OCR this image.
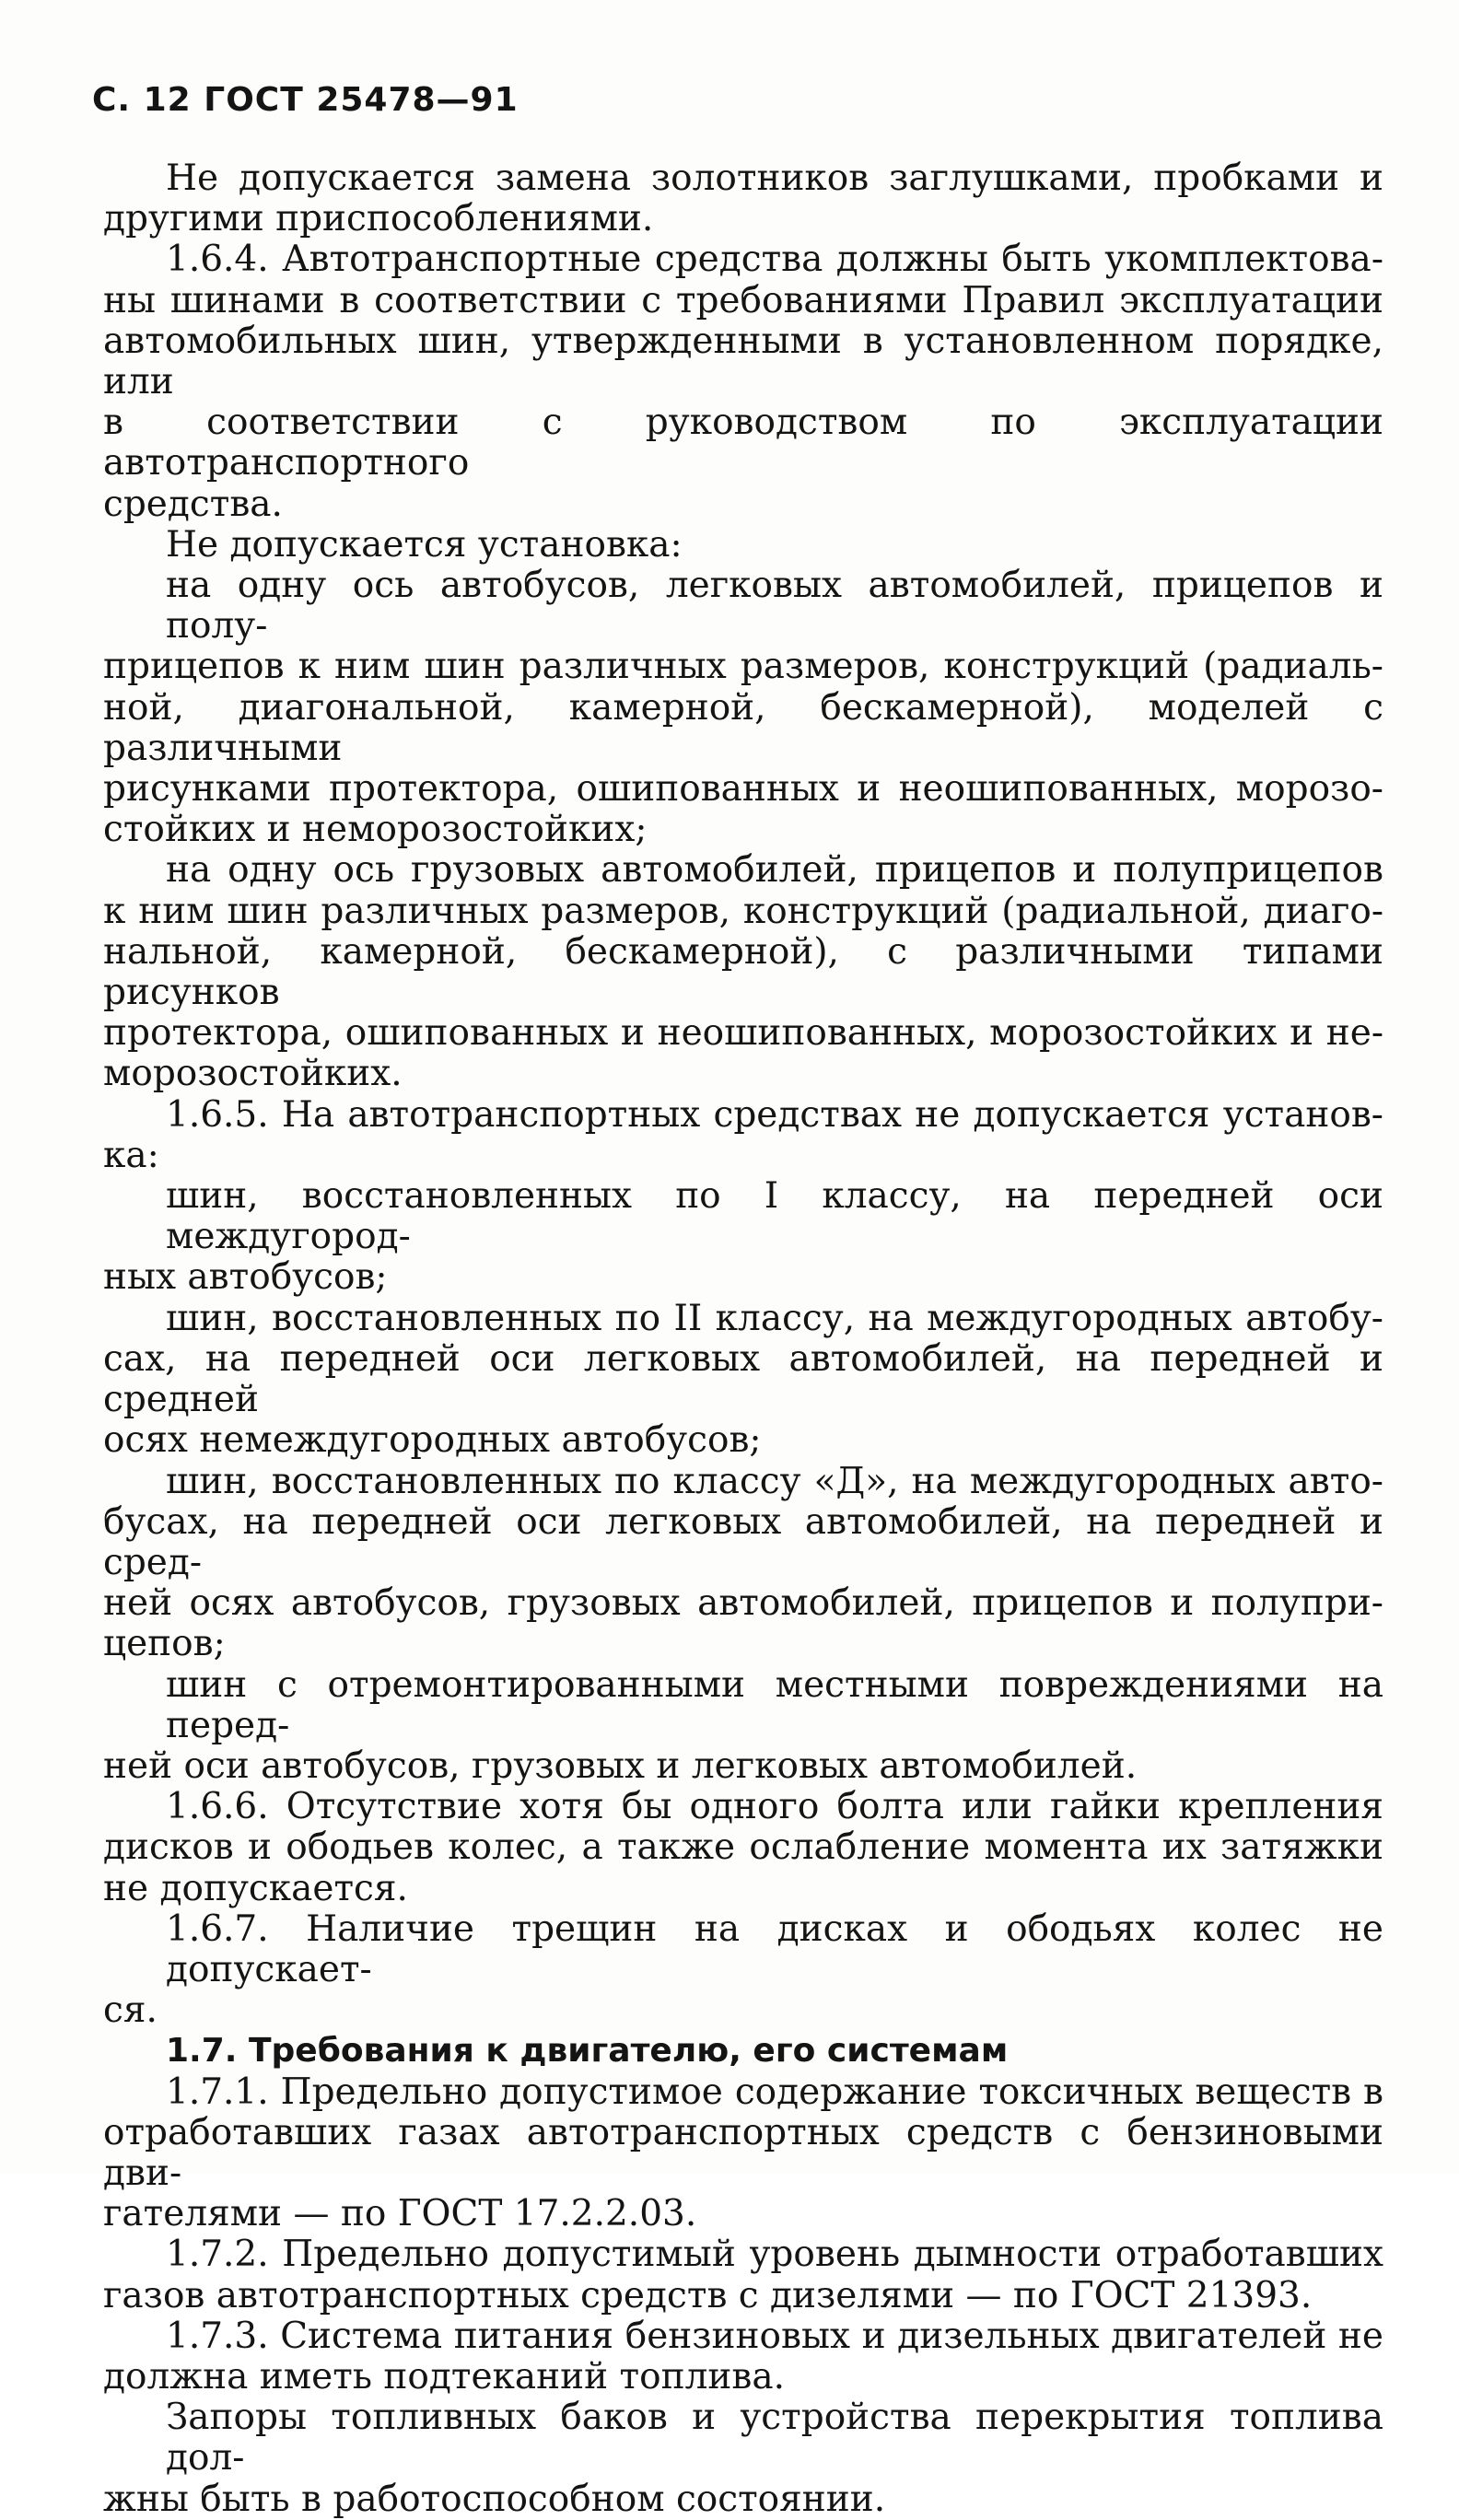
С. 12 ГОСТ 25478—91
Не допускается замена золотников заглушками, пробками и
другими приспособлениями.
1.6.4. Автотранспортные средства должны быть укомплектова-
ны шинами в соответствии с требованиями Правил эксплуатации
автомобильных шин, утвержденными в установленном порядке, или
в соответствии с руководством по эксплуатации автотранспортного
средства.
Не допускается установка:
на одну ось автобусов, легковых автомобилей, прицепов и полу-
прицепов к ним шин различных размеров, конструкций (радиаль-
ной, диагональной, камерной, бескамерной), моделей с различными
рисунками протектора, ошипованных и неошипованных, морозо-
стойких и неморозостойких;
на одну ось грузовых автомобилей, прицепов и полуприцепов
к ним шин различных размеров, конструкций (радиальной, диаго-
нальной, камерной, бескамерной), с различными типами рисунков
протектора, ошипованных и неошипованных, морозостойких и не-
морозостойких.
1.6.5. На автотранспортных средствах не допускается установ-
ка:
шин, восстановленных по I классу, на передней оси междугород-
ных автобусов;
шин, восстановленных по II классу, на междугородных автобу-
сах, на передней оси легковых автомобилей, на передней и средней
осях немеждугородных автобусов;
шин, восстановленных по классу «Д», на междугородных авто-
бусах, на передней оси легковых автомобилей, на передней и сред-
ней осях автобусов, грузовых автомобилей, прицепов и полупри-
цепов;
шин с отремонтированными местными повреждениями на перед-
ней оси автобусов, грузовых и легковых автомобилей.
1.6.6. Отсутствие хотя бы одного болта или гайки крепления
дисков и ободьев колес, а также ослабление момента их затяжки
не допускается.
1.6.7. Наличие трещин на дисках и ободьях колес не допускает-
ся.
1.7. Требования к двигателю, его системам
1.7.1. Предельно допустимое содержание токсичных веществ в
отработавших газах автотранспортных средств с бензиновыми дви-
гателями — по ГОСТ 17.2.2.03.
1.7.2. Предельно допустимый уровень дымности отработавших
газов автотранспортных средств с дизелями — по ГОСТ 21393.
1.7.3. Система питания бензиновых и дизельных двигателей не
должна иметь подтеканий топлива.
Запоры топливных баков и устройства перекрытия топлива дол-
жны быть в работоспособном состоянии.
